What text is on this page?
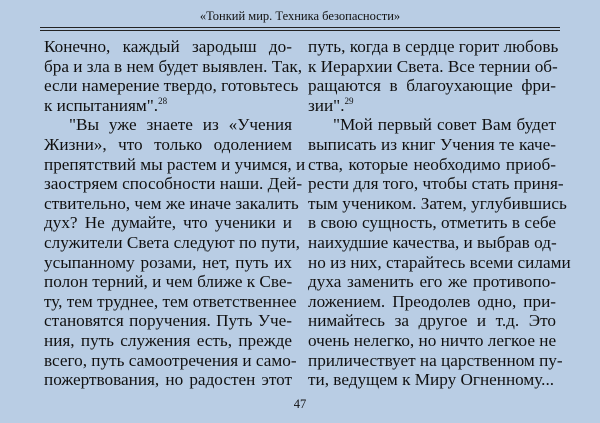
«Тонкий мир. Техника безопасности»

Конечно, каждый зародыш до-
бра и зла в нем будет выявлен. Так,
если намерение твердо, готовьтесь
к испытаниям".$^{28}$

"Вы уже знаете из «Учения

Жизни», что только одолением
препятствий мы растем и учимся, и
заостряем способности наши. Дей-
ствительно, чем же иначе закалить
дух? Не думайте, что ученики и
служители Света следуют по пути,
усыпанному розами, нет, путь их
полон терний, и чем ближе к Све-
ту, тем труднее, тем ответственнее
становятся поручения. Путь Уче-
ния, путь служения есть, прежде
всего, путь самоотречения и само-
пожертвования, но радостен этот

путь, когда в сердце горит любовь
к Иерархии Света. Все тернии об-
ращаются в благоухающие фри-
зии".$^{29}$

"Мой первый совет Вам будет

выписать из книг Учения те каче-
ства, которые необходимо приоб-
рести для того, чтобы стать приня-
тым учеником. Затем, углубившись
в свою сущность, отметить в себе
наихудшие качества, и выбрав од-
но из них, старайтесь всеми силами
духа заменить его же противопо-
ложением. Преодолев одно, при-
нимайтесь за другое и т.д. Это
очень нелегко, но ничто легкое не
приличествует на царственном пу-
ти, ведущем к Миру Огненному...

47
